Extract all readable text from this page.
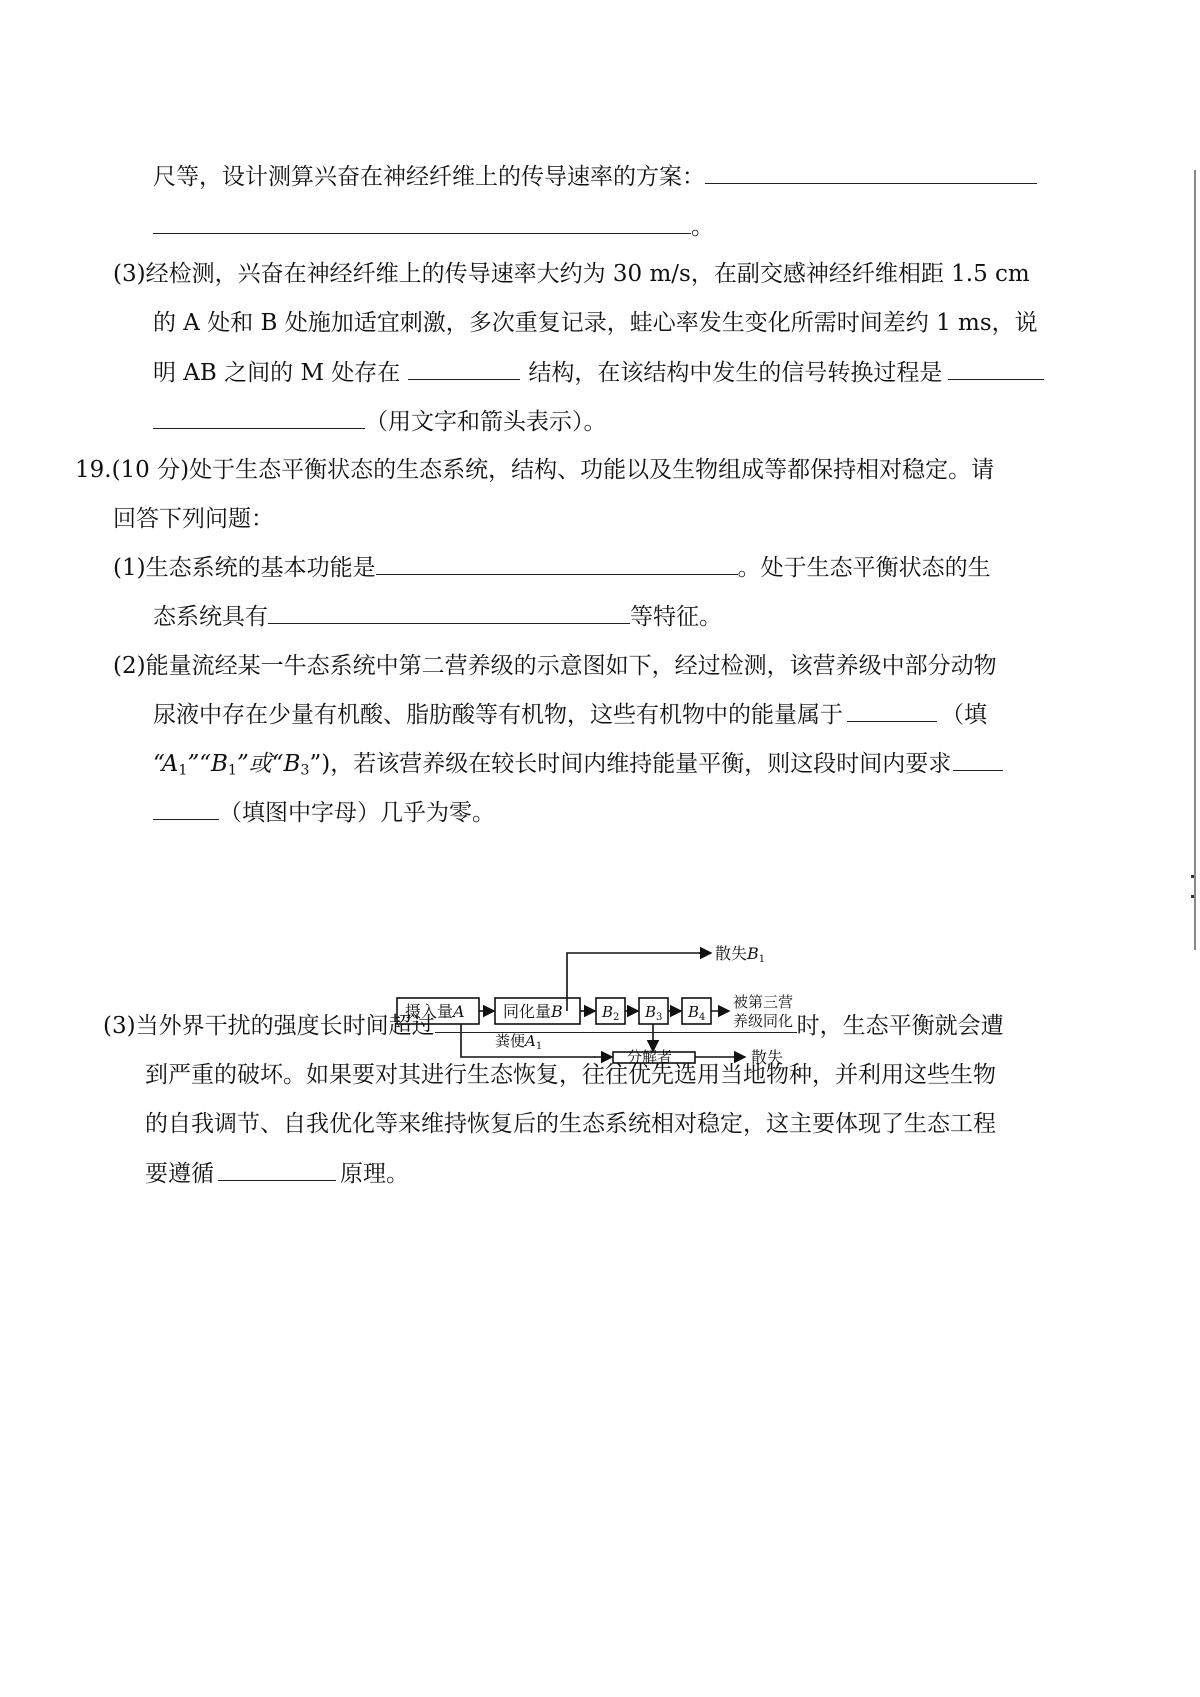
尺等，设计测算兴奋在神经纤维上的传导速率的方案：
。
(3)经检测，兴奋在神经纤维上的传导速率大约为 30 m/s，在副交感神经纤维相距 1.5 cm
的 A 处和 B 处施加适宜刺激，多次重复记录，蛙心率发生变化所需时间差约 1 ms，说
明 AB 之间的 M 处存在	结构，在该结构中发生的信号转换过程是
（用文字和箭头表示）。
19.(10 分)处于生态平衡状态的生态系统，结构、功能以及生物组成等都保持相对稳定。请
回答下列问题：
(1)生态系统的基本功能是	。处于生态平衡状态的生
态系统具有	等特征。
(2)能量流经某一牛态系统中第二营养级的示意图如下，经过检测，该营养级中部分动物
尿液中存在少量有机酸、脂肪酸等有机物，这些有机物中的能量属于	（填
“$A_1”“B_1$”或“$B_3$”)，若该营养级在较长时间内维持能量平衡，则这段时间内要求
（填图中字母）几乎为零。
摄入量A 同化量B	$B_2$ $B_3$ $B_4$
散失B1
被第三营
养级同化
粪便$A_1$
分解者	散失
(3)当外界干扰的强度长时间超过	时，生态平衡就会遭
到严重的破坏。如果要对其进行生态恢复，往往优先选用当地物种，并利用这些生物
的自我调节、自我优化等来维持恢复后的生态系统相对稳定，这主要体现了生态工程
要遵循	原理。
